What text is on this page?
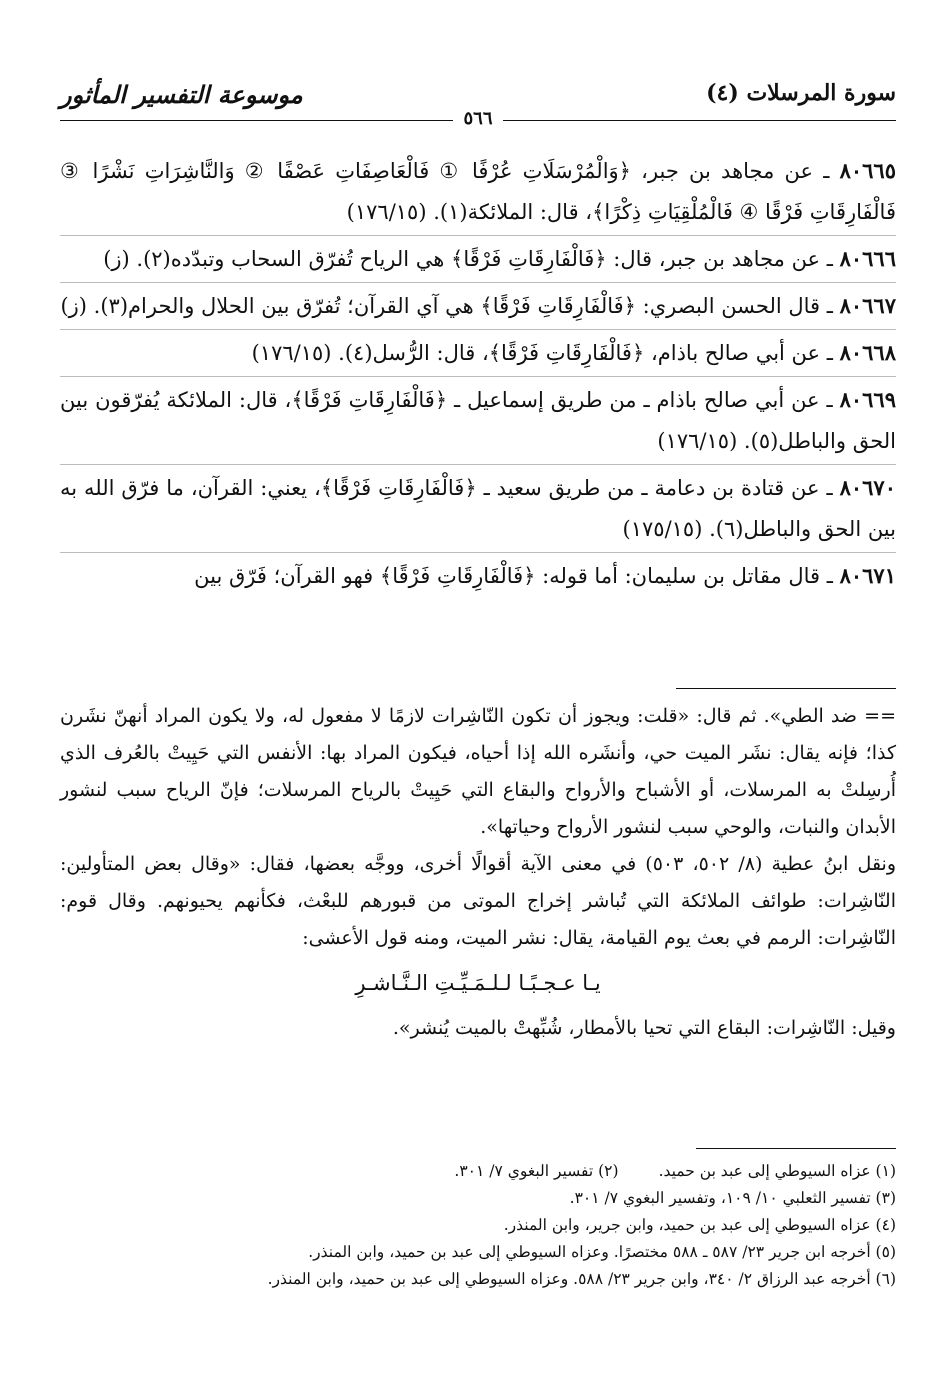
سورة المرسلات (٤)
موسوعة التفسير المأثور
٥٦٦
٨٠٦٦٥ ـ عن مجاهد بن جبر، ﴿وَالْمُرْسَلَاتِ عُرْفًا ① فَالْعَاصِفَاتِ عَصْفًا ② وَالنَّاشِرَاتِ نَشْرًا ③ فَالْفَارِقَاتِ فَرْقًا ④ فَالْمُلْقِيَاتِ ذِكْرًا﴾، قال: الملائكة(١). (١٧٦/١٥)
٨٠٦٦٦ ـ عن مجاهد بن جبر، قال: ﴿فَالْفَارِقَاتِ فَرْقًا﴾ هي الرياح تُفرّق السحاب وتبدّده(٢). (ز)
٨٠٦٦٧ ـ قال الحسن البصري: ﴿فَالْفَارِقَاتِ فَرْقًا﴾ هي آي القرآن؛ تُفرّق بين الحلال والحرام(٣). (ز)
٨٠٦٦٨ ـ عن أبي صالح باذام، ﴿فَالْفَارِقَاتِ فَرْقًا﴾، قال: الرُّسل(٤). (١٧٦/١٥)
٨٠٦٦٩ ـ عن أبي صالح باذام ـ من طريق إسماعيل ـ ﴿فَالْفَارِقَاتِ فَرْقًا﴾، قال: الملائكة يُفرّقون بين الحق والباطل(٥). (١٧٦/١٥)
٨٠٦٧٠ ـ عن قتادة بن دعامة ـ من طريق سعيد ـ ﴿فَالْفَارِقَاتِ فَرْقًا﴾، يعني: القرآن، ما فرّق الله به بين الحق والباطل(٦). (١٧٥/١٥)
٨٠٦٧١ ـ قال مقاتل بن سليمان: أما قوله: ﴿فَالْفَارِقَاتِ فَرْقًا﴾ فهو القرآن؛ فَرّق بين
== ضد الطي». ثم قال: «قلت: ويجوز أن تكون النّاشِرات لازمًا لا مفعول له، ولا يكون المراد أنهنّ نشَرن كذا؛ فإنه يقال: نشَر الميت حي، وأنشَره الله إذا أحياه، فيكون المراد بها: الأنفس التي حَيِيتْ بالعُرف الذي أُرسِلتْ به المرسلات، أو الأشباح والأرواح والبقاع التي حَيِيتْ بالرياح المرسلات؛ فإنّ الرياح سبب لنشور الأبدان والنبات، والوحي سبب لنشور الأرواح وحياتها».
ونقل ابنُ عطية (٨/ ٥٠٢، ٥٠٣) في معنى الآية أقوالًا أخرى، ووجَّه بعضها، فقال: «وقال بعض المتأولين: النّاشِرات: طوائف الملائكة التي تُباشر إخراج الموتى من قبورهم للبعْث، فكأنهم يحيونهم. وقال قوم: النّاشِرات: الرمم في بعث يوم القيامة، يقال: نشر الميت، ومنه قول الأعشى:
يـا عـجـبًـا لـلـمَـيِّـتِ الـنَّـاشـرِ
وقيل: النّاشِرات: البقاع التي تحيا بالأمطار، شُبِّهتْ بالميت يُنشر».
(١) عزاه السيوطي إلى عبد بن حميد.
(٢) تفسير البغوي ٧/ ٣٠١.
(٣) تفسير الثعلبي ١٠/ ١٠٩، وتفسير البغوي ٧/ ٣٠١.
(٤) عزاه السيوطي إلى عبد بن حميد، وابن جرير، وابن المنذر.
(٥) أخرجه ابن جرير ٢٣/ ٥٨٧ ـ ٥٨٨ مختصرًا. وعزاه السيوطي إلى عبد بن حميد، وابن المنذر.
(٦) أخرجه عبد الرزاق ٢/ ٣٤٠، وابن جرير ٢٣/ ٥٨٨. وعزاه السيوطي إلى عبد بن حميد، وابن المنذر.
